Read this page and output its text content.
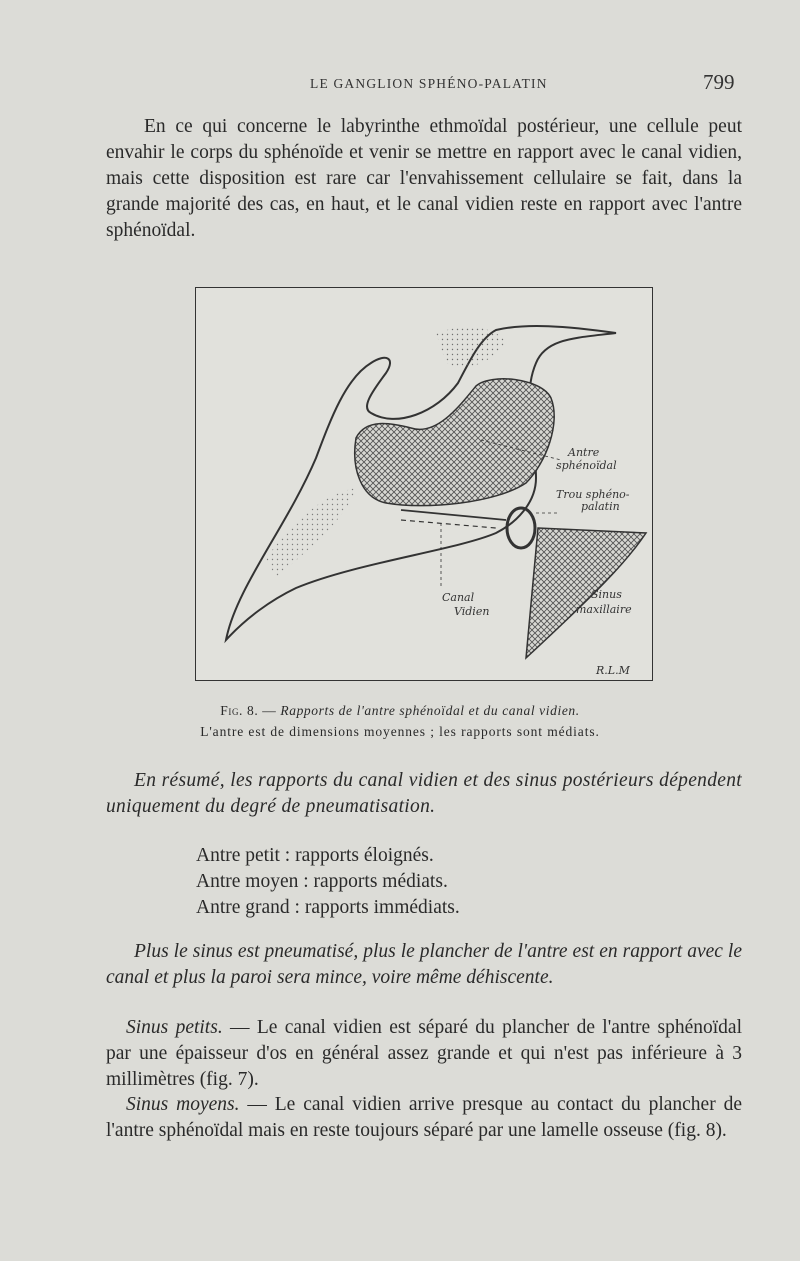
LE GANGLION SPHÉNO-PALATIN	799
En ce qui concerne le labyrinthe ethmoïdal postérieur, une cellule peut envahir le corps du sphénoïde et venir se mettre en rapport avec le canal vidien, mais cette disposition est rare car l'envahissement cellulaire se fait, dans la grande majorité des cas, en haut, et le canal vidien reste en rapport avec l'antre sphénoïdal.
Antre
sphénoïdal
Trou sphéno-
palatin
Canal
Vidien
Sinus
maxillaire
R.L.M
Fig. 8. — Rapports de l'antre sphénoïdal et du canal vidien.
L'antre est de dimensions moyennes ; les rapports sont médiats.
En résumé, les rapports du canal vidien et des sinus postérieurs dépendent uniquement du degré de pneumatisation.
Antre petit : rapports éloignés.
Antre moyen : rapports médiats.
Antre grand : rapports immédiats.
Plus le sinus est pneumatisé, plus le plancher de l'antre est en rapport avec le canal et plus la paroi sera mince, voire même déhiscente.
Sinus petits. — Le canal vidien est séparé du plancher de l'antre sphénoïdal par une épaisseur d'os en général assez grande et qui n'est pas inférieure à 3 millimètres (fig. 7).
Sinus moyens. — Le canal vidien arrive presque au contact du plancher de l'antre sphénoïdal mais en reste toujours séparé par une lamelle osseuse (fig. 8).
